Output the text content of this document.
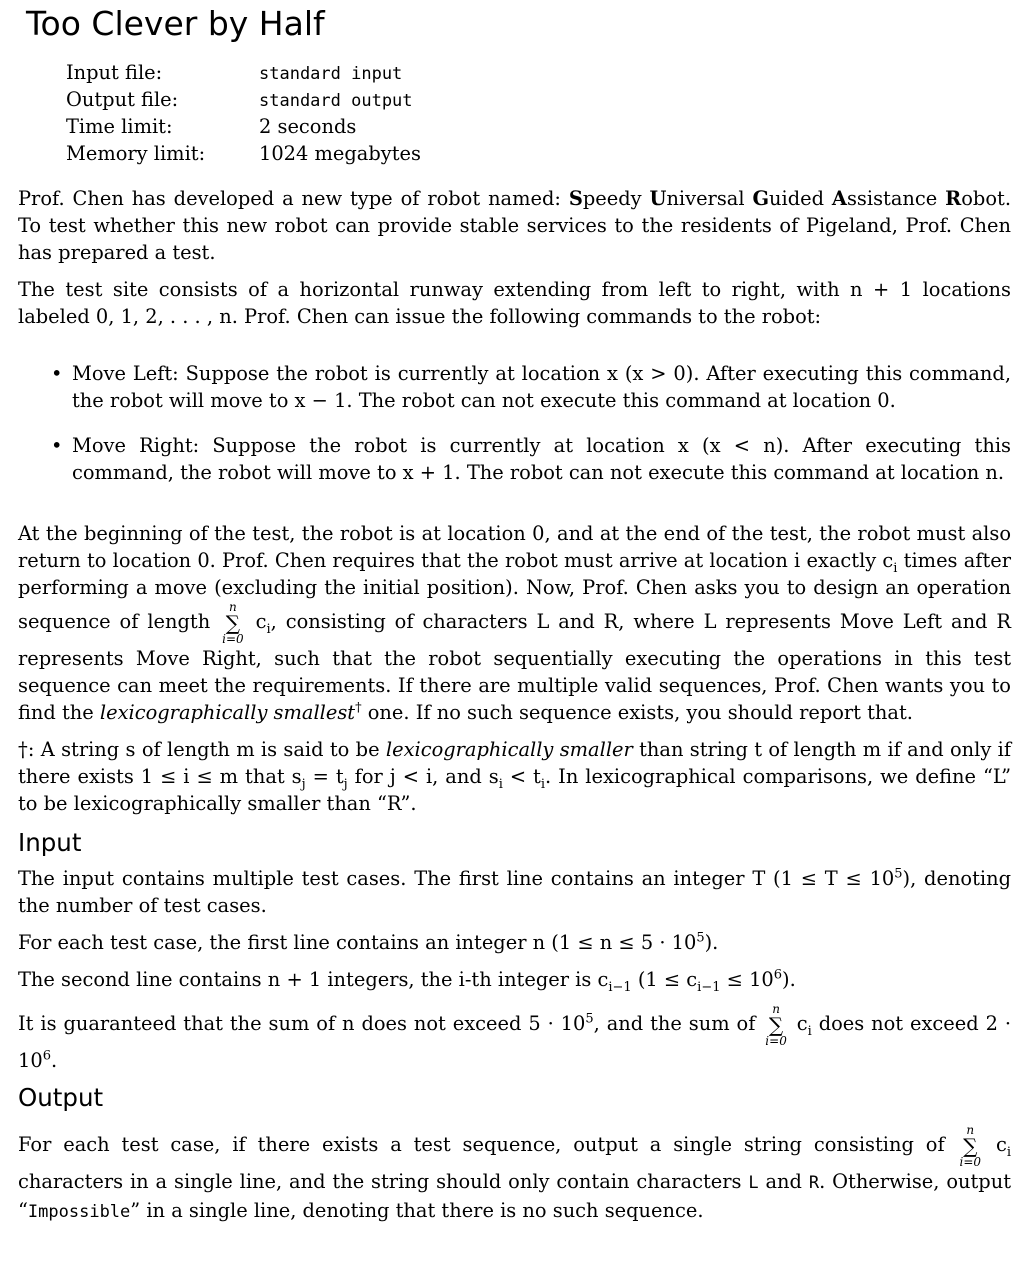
Too Clever by Half
Input file:	standard input
Output file:	standard output
Time limit:	2 seconds
Memory limit:	1024 megabytes

Prof. Chen has developed a new type of robot named: Speedy Universal Guided Assistance Robot. To test whether this new robot can provide stable services to the residents of Pigeland, Prof. Chen has prepared a test.

The test site consists of a horizontal runway extending from left to right, with n + 1 locations labeled 0, 1, 2, . . . , n. Prof. Chen can issue the following commands to the robot:

• Move Left: Suppose the robot is currently at location x (x > 0). After executing this command, the robot will move to x − 1. The robot can not execute this command at location 0.
• Move Right: Suppose the robot is currently at location x (x < n). After executing this command, the robot will move to x + 1. The robot can not execute this command at location n.

At the beginning of the test, the robot is at location 0, and at the end of the test, the robot must also return to location 0. Prof. Chen requires that the robot must arrive at location i exactly $c_i$ times after performing a move (excluding the initial position). Now, Prof. Chen asks you to design an operation sequence of length
n
∑
i=0
$c_i$, consisting of characters L and R, where L represents Move Left and R represents Move Right, such that the robot sequentially executing the operations in this test sequence can meet the requirements. If there are multiple valid sequences, Prof. Chen wants you to find the lexicographically smallest† one. If no such sequence exists, you should report that.

†: A string s of length m is said to be lexicographically smaller than string t of length m if and only if there exists 1 ≤ i ≤ m that $s_j = t_j$ for j < i, and $s_i < t_i$. In lexicographical comparisons, we define “L” to be lexicographically smaller than “R”.

Input

The input contains multiple test cases. The first line contains an integer T $(1 \le T \le 10^5)$, denoting the number of test cases.

For each test case, the first line contains an integer n $(1 \le n \le 5 \cdot 10^5)$.

The second line contains n + 1 integers, the i-th integer is $c_{i-1}$ $(1 \le c_{i-1} \le 10^6)$.

It is guaranteed that the sum of n does not exceed $5 \cdot 10^5$, and the sum of
n
∑
i=0
$c_i$ does not exceed $2 \cdot 10^6$.

Output

For each test case, if there exists a test sequence, output a single string consisting of
n
∑
i=0
$c_i$ characters in a single line, and the string should only contain characters L and R. Otherwise, output “Impossible” in a single line, denoting that there is no such sequence.
